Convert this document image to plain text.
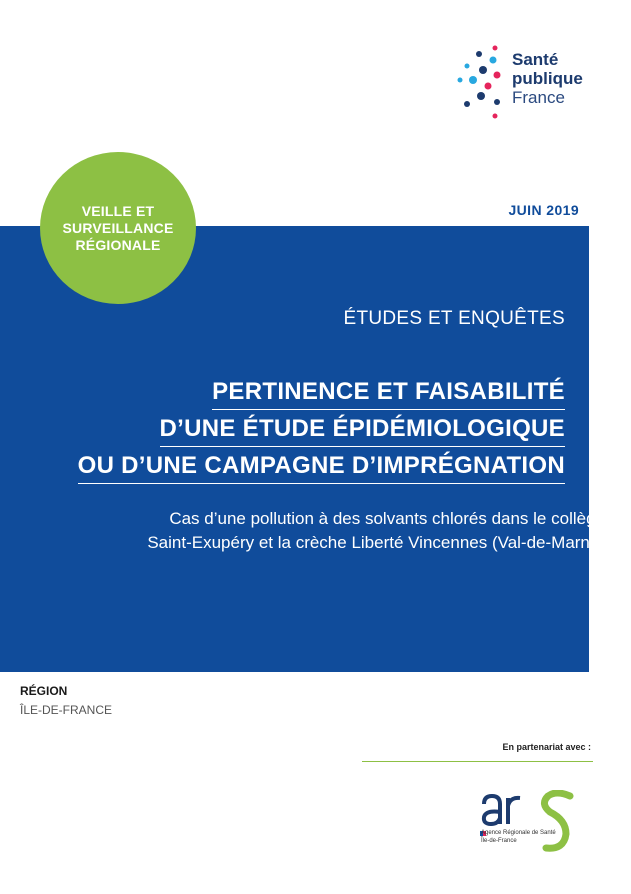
Santé
publique
France
JUIN 2019
VEILLE ET
SURVEILLANCE
RÉGIONALE
ÉTUDES ET ENQUÊTES
PERTINENCE ET FAISABILITÉ
D’UNE ÉTUDE ÉPIDÉMIOLOGIQUE
OU D’UNE CAMPAGNE D’IMPRÉGNATION
Cas d’une pollution à des solvants chlorés dans le collège
Saint-Exupéry et la crèche Liberté Vincennes (Val-de-Marne)
RÉGION
ÎLE-DE-FRANCE
En partenariat avec :
Agence Régionale de Santé
Île-de-France
